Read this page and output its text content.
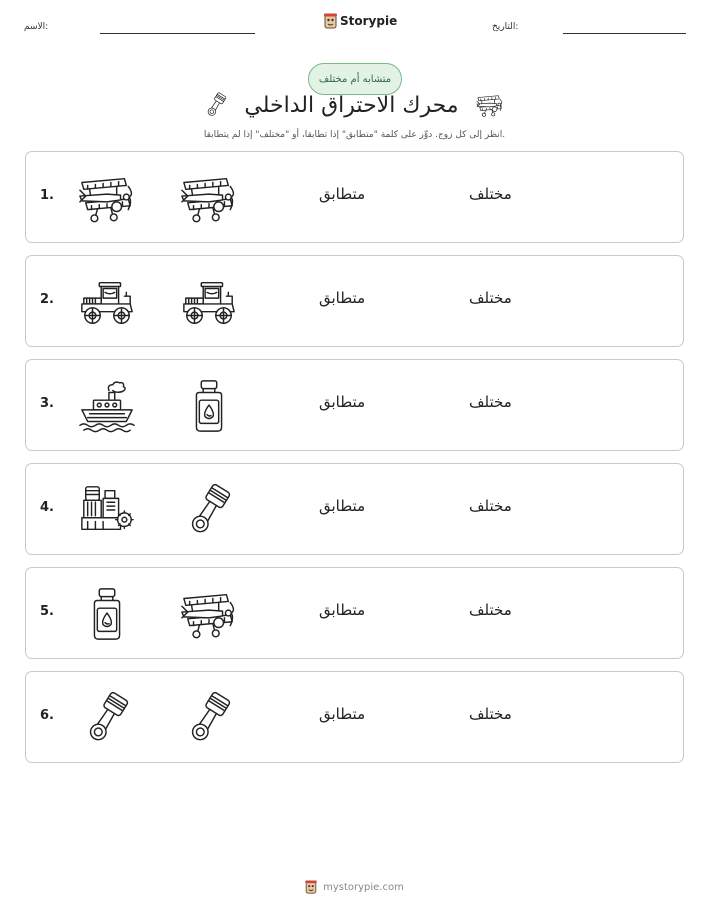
الاسم:	Storypie	التاريخ:
متشابه أم مختلف
محرك الاحتراق الداخلي
انظر إلى كل زوج. دوِّر على كلمة "متطابق" إذا تطابقا، أو "مختلف" إذا لم يتطابقا.
1.	متطابق	مختلف
2.	متطابق	مختلف
3.	متطابق	مختلف
4.	متطابق	مختلف
5.	متطابق	مختلف
6.	متطابق	مختلف
mystorypie.com
